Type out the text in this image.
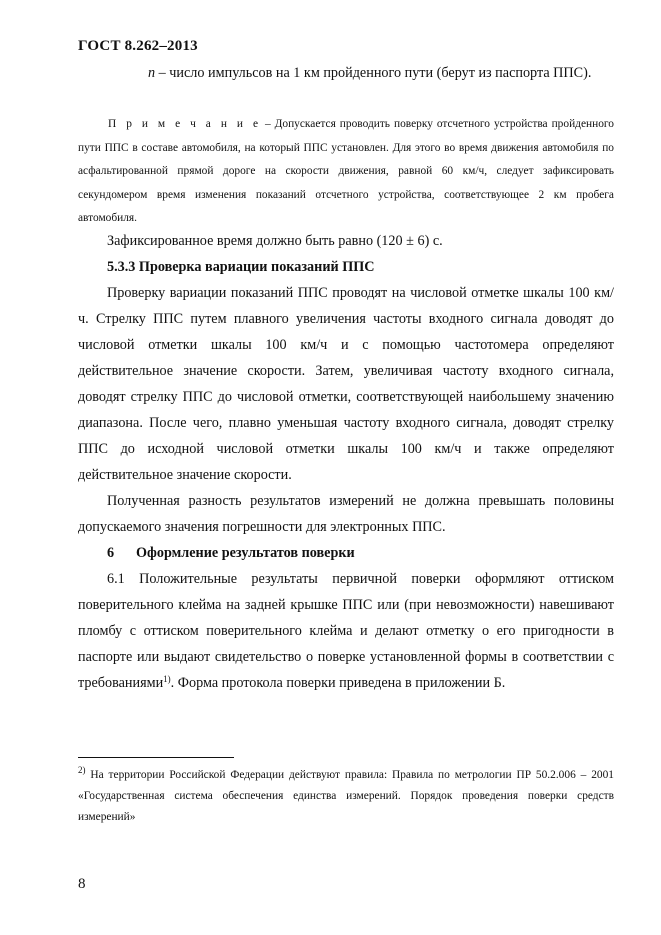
ГОСТ 8.262–2013

n – число импульсов на 1 км пройденного пути (берут из паспорта ППС).

П р и м е ч а н и е – Допускается проводить поверку отсчетного устройства пройденного пути ППС в составе автомобиля, на который ППС установлен. Для этого во время движения автомобиля по асфальтированной прямой дороге на скорости движения, равной 60 км/ч, следует зафиксировать секундомером время изменения показаний отсчетного устройства, соответствующее 2 км пробега автомобиля.

Зафиксированное время должно быть равно (120 ± 6) с.

5.3.3 Проверка вариации показаний ППС

Проверку вариации показаний ППС проводят на числовой отметке шкалы 100 км/ч. Стрелку ППС путем плавного увеличения частоты входного сигнала доводят до числовой отметки шкалы 100 км/ч и с помощью частотомера определяют действительное значение скорости. Затем, увеличивая частоту входного сигнала, доводят стрелку ППС до числовой отметки, соответствующей наибольшему значению диапазона. После чего, плавно уменьшая частоту входного сигнала, доводят стрелку ППС до исходной числовой отметки шкалы 100 км/ч и также определяют действительное значение скорости.

Полученная разность результатов измерений не должна превышать половины допускаемого значения погрешности для электронных ППС.

6 Оформление результатов поверки

6.1 Положительные результаты первичной поверки оформляют оттиском поверительного клейма на задней крышке ППС или (при невозможности) навешивают пломбу с оттиском поверительного клейма и делают отметку о его пригодности в паспорте или выдают свидетельство о поверке установленной формы в соответствии с требованиями$^{1)}$. Форма протокола поверки приведена в приложении Б.

$^{2)}$ На территории Российской Федерации действуют правила: Правила по метрологии ПР 50.2.006 – 2001 «Государственная система обеспечения единства измерений. Порядок проведения поверки средств измерений»
8
